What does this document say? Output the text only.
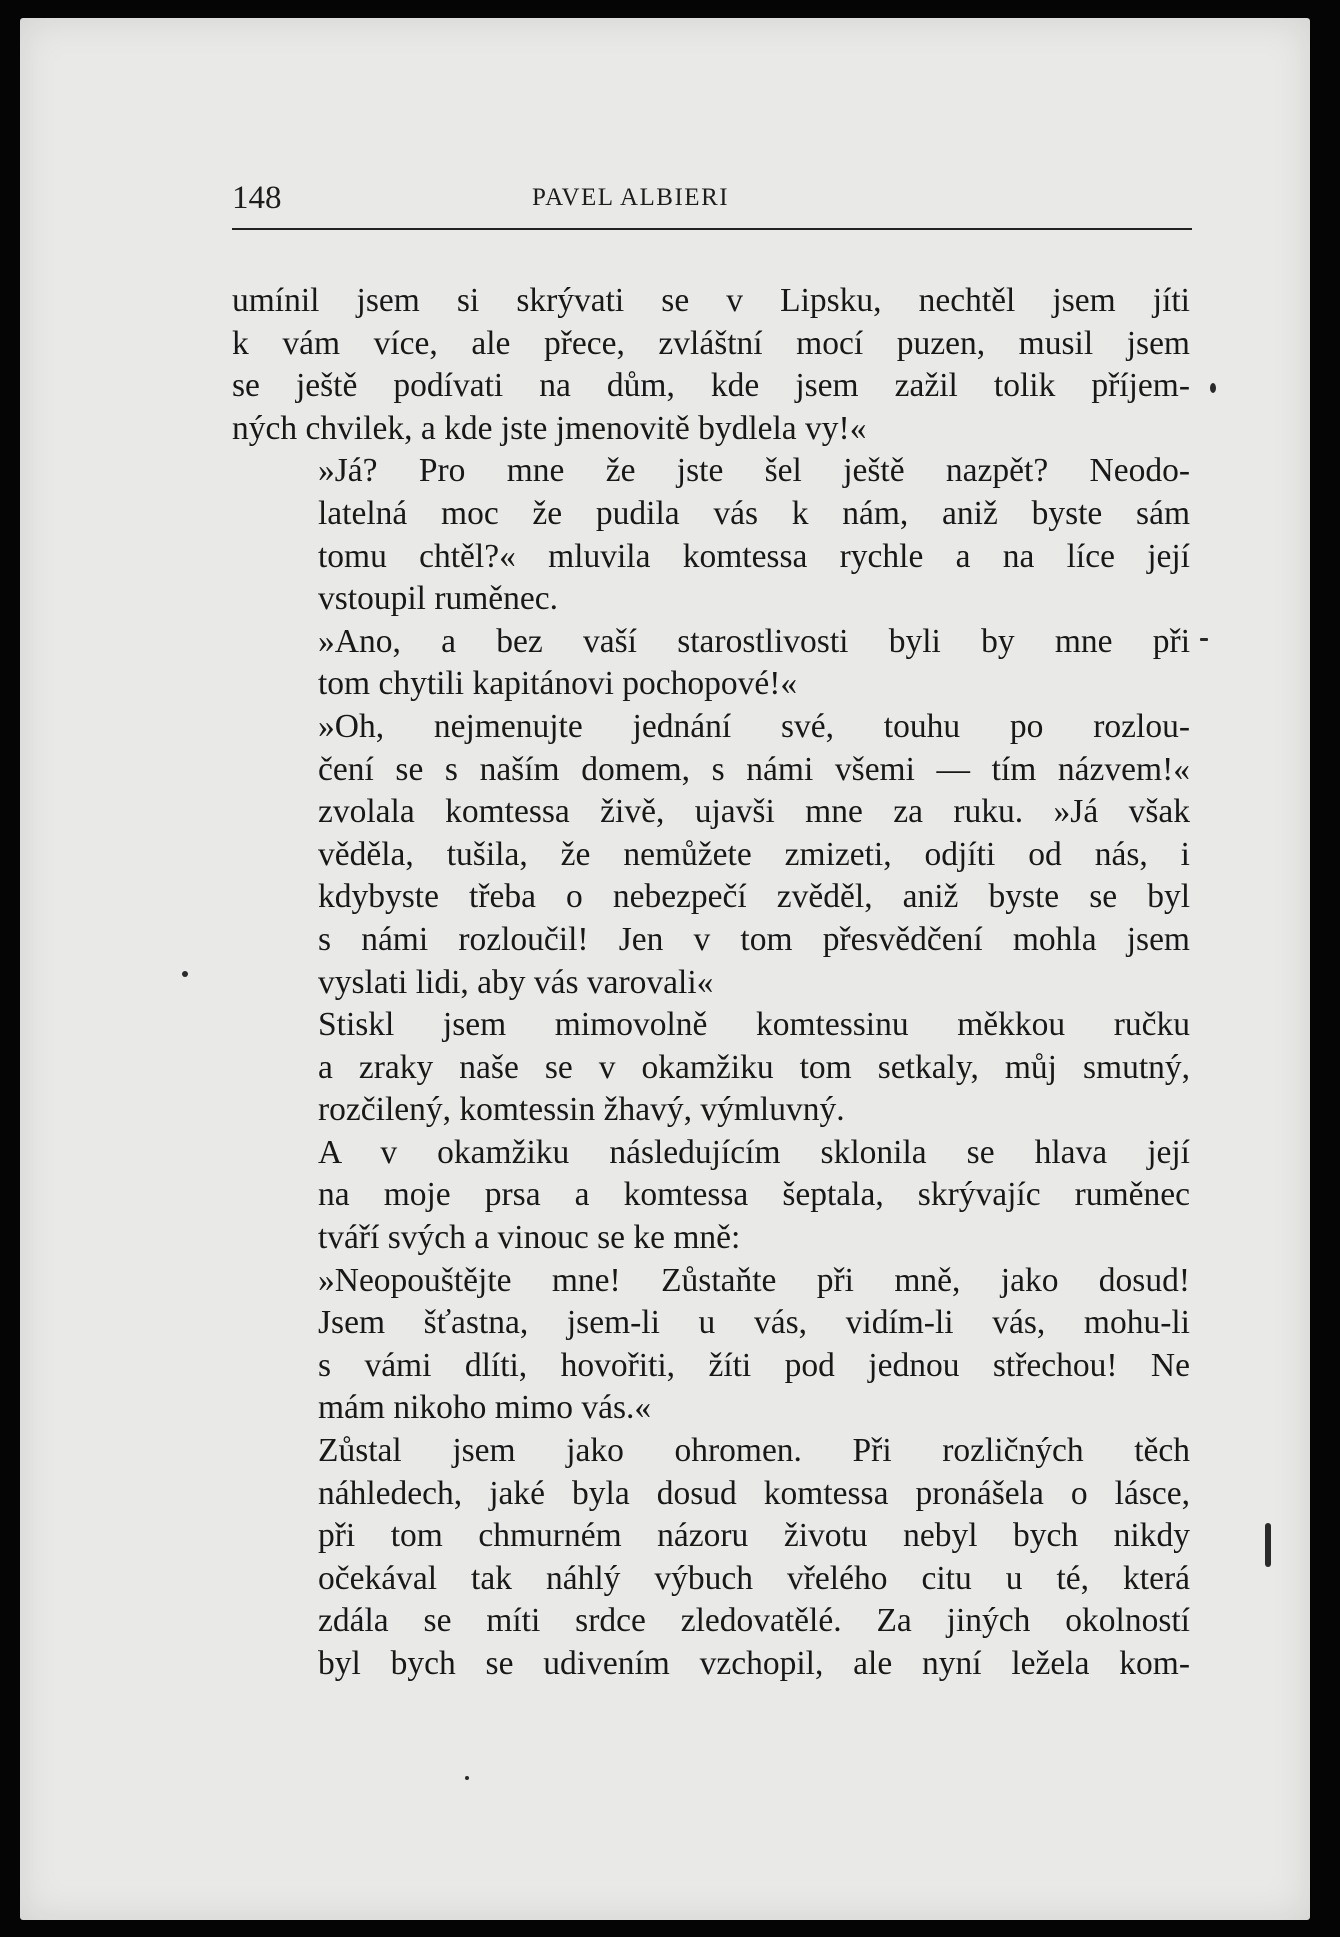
148	PAVEL ALBIERI

umínil jsem si skrývati se v Lipsku, nechtěl jsem jíti
k vám více, ale přece, zvláštní mocí puzen, musil jsem
se ještě podívati na dům, kde jsem zažil tolik příjem-
ných chvilek, a kde jste jmenovitě bydlela vy!«

»Já? Pro mne že jste šel ještě nazpět? Neodo-
latelná moc že pudila vás k nám, aniž byste sám
tomu chtěl?« mluvila komtessa rychle a na líce její
vstoupil ruměnec.

»Ano, a bez vaší starostlivosti byli by mne při
tom chytili kapitánovi pochopové!«

»Oh, nejmenujte jednání své, touhu po rozlou-
čení se s naším domem, s námi všemi — tím názvem!«
zvolala komtessa živě, ujavši mne za ruku. »Já však
věděla, tušila, že nemůžete zmizeti, odjíti od nás, i
kdybyste třeba o nebezpečí zvěděl, aniž byste se byl
s námi rozloučil! Jen v tom přesvědčení mohla jsem
vyslati lidi, aby vás varovali«

Stiskl jsem mimovolně komtessinu měkkou ručku
a zraky naše se v okamžiku tom setkaly, můj smutný,
rozčilený, komtessin žhavý, výmluvný.

A v okamžiku následujícím sklonila se hlava její
na moje prsa a komtessa šeptala, skrývajíc ruměnec
tváří svých a vinouc se ke mně:

»Neopouštějte mne! Zůstaňte při mně, jako dosud!
Jsem šťastna, jsem-li u vás, vidím-li vás, mohu-li
s vámi dlíti, hovořiti, žíti pod jednou střechou! Ne
mám nikoho mimo vás.«

Zůstal jsem jako ohromen. Při rozličných těch
náhledech, jaké byla dosud komtessa pronášela o lásce,
při tom chmurném názoru životu nebyl bych nikdy
očekával tak náhlý výbuch vřelého citu u té, která
zdála se míti srdce zledovatělé. Za jiných okolností
byl bych se udivením vzchopil, ale nyní ležela kom-
